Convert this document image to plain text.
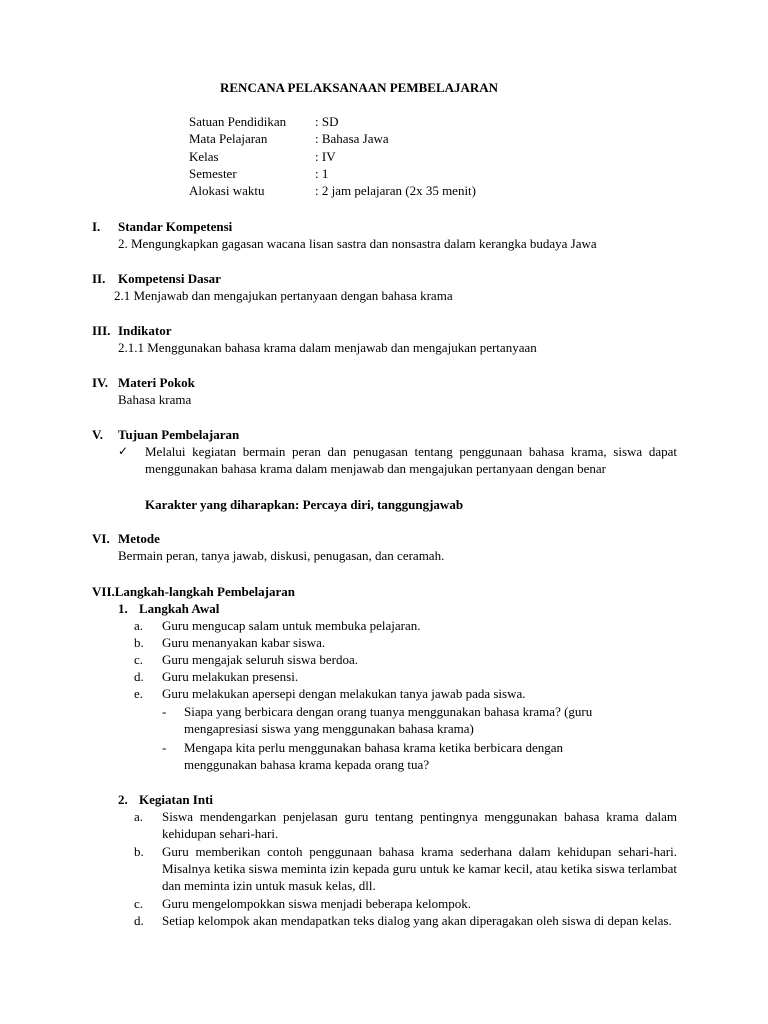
RENCANA PELAKSANAAN PEMBELAJARAN
Satuan Pendidikan : SD
Mata Pelajaran	: Bahasa Jawa
Kelas	: IV
Semester	: 1
Alokasi waktu	: 2 jam pelajaran (2x 35 menit)
I. Standar Kompetensi
2. Mengungkapkan gagasan wacana lisan sastra dan nonsastra dalam kerangka budaya Jawa
II. Kompetensi Dasar
2.1 Menjawab dan mengajukan pertanyaan dengan bahasa krama
III. Indikator
2.1.1 Menggunakan bahasa krama dalam menjawab dan mengajukan pertanyaan
IV. Materi Pokok
Bahasa krama
V. Tujuan Pembelajaran
✓ Melalui kegiatan bermain peran dan penugasan tentang penggunaan bahasa krama, siswa dapat menggunakan bahasa krama dalam menjawab dan mengajukan pertanyaan dengan benar
Karakter yang diharapkan: Percaya diri, tanggungjawab
VI. Metode
Bermain peran, tanya jawab, diskusi, penugasan, dan ceramah.
VII.Langkah-langkah Pembelajaran
1. Langkah Awal
a. Guru mengucap salam untuk membuka pelajaran.
b. Guru menanyakan kabar siswa.
c. Guru mengajak seluruh siswa berdoa.
d. Guru melakukan presensi.
e. Guru melakukan apersepi dengan melakukan tanya jawab pada siswa.
- Siapa yang berbicara dengan orang tuanya menggunakan bahasa krama? (guru mengapresiasi siswa yang menggunakan bahasa krama)
- Mengapa kita perlu menggunakan bahasa krama ketika berbicara dengan menggunakan bahasa krama kepada orang tua?
2. Kegiatan Inti
a. Siswa mendengarkan penjelasan guru tentang pentingnya menggunakan bahasa krama dalam kehidupan sehari-hari.
b. Guru memberikan contoh penggunaan bahasa krama sederhana dalam kehidupan sehari-hari. Misalnya ketika siswa meminta izin kepada guru untuk ke kamar kecil, atau ketika siswa terlambat dan meminta izin untuk masuk kelas, dll.
c. Guru mengelompokkan siswa menjadi beberapa kelompok.
d. Setiap kelompok akan mendapatkan teks dialog yang akan diperagakan oleh siswa di depan kelas.
